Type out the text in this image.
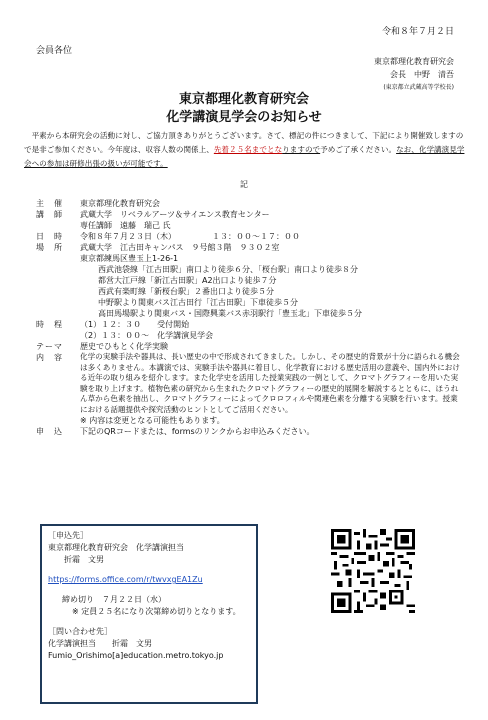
令和８年７月２日
会員各位
東京都理化教育研究会
会長　中野　清吾
(東京都立武蔵高等学校長)
東京都理化教育研究会
化学講演見学会のお知らせ
平素から本研究会の活動に対し、ご協力頂きありがとうございます。さて、標記の件につきまして、下記により開催致しますので是非ご参加ください。今年度は、収容人数の関係上、先着２５名までとなりますので予めご了承ください。なお、化学講演見学会への参加は研修出張の扱いが可能です。
記
主　催	東京都理化教育研究会
講　師	武蔵大学　リベラルアーツ＆サイエンス教育センター
専任講師　遠藤　瑞己 氏
日　時	令和８年７月２３日（木）　　　　　１３：００～１７：００
場　所	武蔵大学　江古田キャンパス　９号館３階　９３０２室
東京都練馬区豊玉上1-26-1
西武池袋線「江古田駅」南口より徒歩６分、「桜台駅」南口より徒歩８分
都営大江戸線「新江古田駅」A2出口より徒歩７分
西武有楽町線「新桜台駅」２番出口より徒歩５分
中野駅より関東バス江古田行「江古田駅」下車徒歩５分
高田馬場駅より関東バス・国際興業バス赤羽駅行「豊玉北」下車徒歩５分
時　程	（1）１２：３０　　受付開始
（2）１３：００～　化学講演見学会
テーマ	歴史でひもとく化学実験
内　容	化学の実験手法や器具は、長い歴史の中で形成されてきました。しかし、その歴史的背景が十分に語られる機会は多くありません。本講演では、実験手法や器具に着目し、化学教育における歴史活用の意義や、国内外における近年の取り組みを紹介します。また化学史を活用した授業実践の一例として、クロマトグラフィーを用いた実験を取り上げます。植物色素の研究から生まれたクロマトグラフィーの歴史的展開を解説するとともに、ほうれん草から色素を抽出し、クロマトグラフィーによってクロロフィルや関連色素を分離する実験を行います。授業における話題提供や探究活動のヒントとしてご活用ください。
※ 内容は変更となる可能性もあります。
申　込	下記のQRコードまたは、formsのリンクからお申込みください。
［申込先］
東京都理化教育研究会　化学講演担当
折霜　文男
https://forms.office.com/r/twvxgEA1Zu
締め切り　７月２２日（水）
※ 定員２５名になり次第締め切りとなります。
［問い合わせ先］
化学講演担当　　折霜　文男
Fumio_Orishimo[a]education.metro.tokyo.jp
